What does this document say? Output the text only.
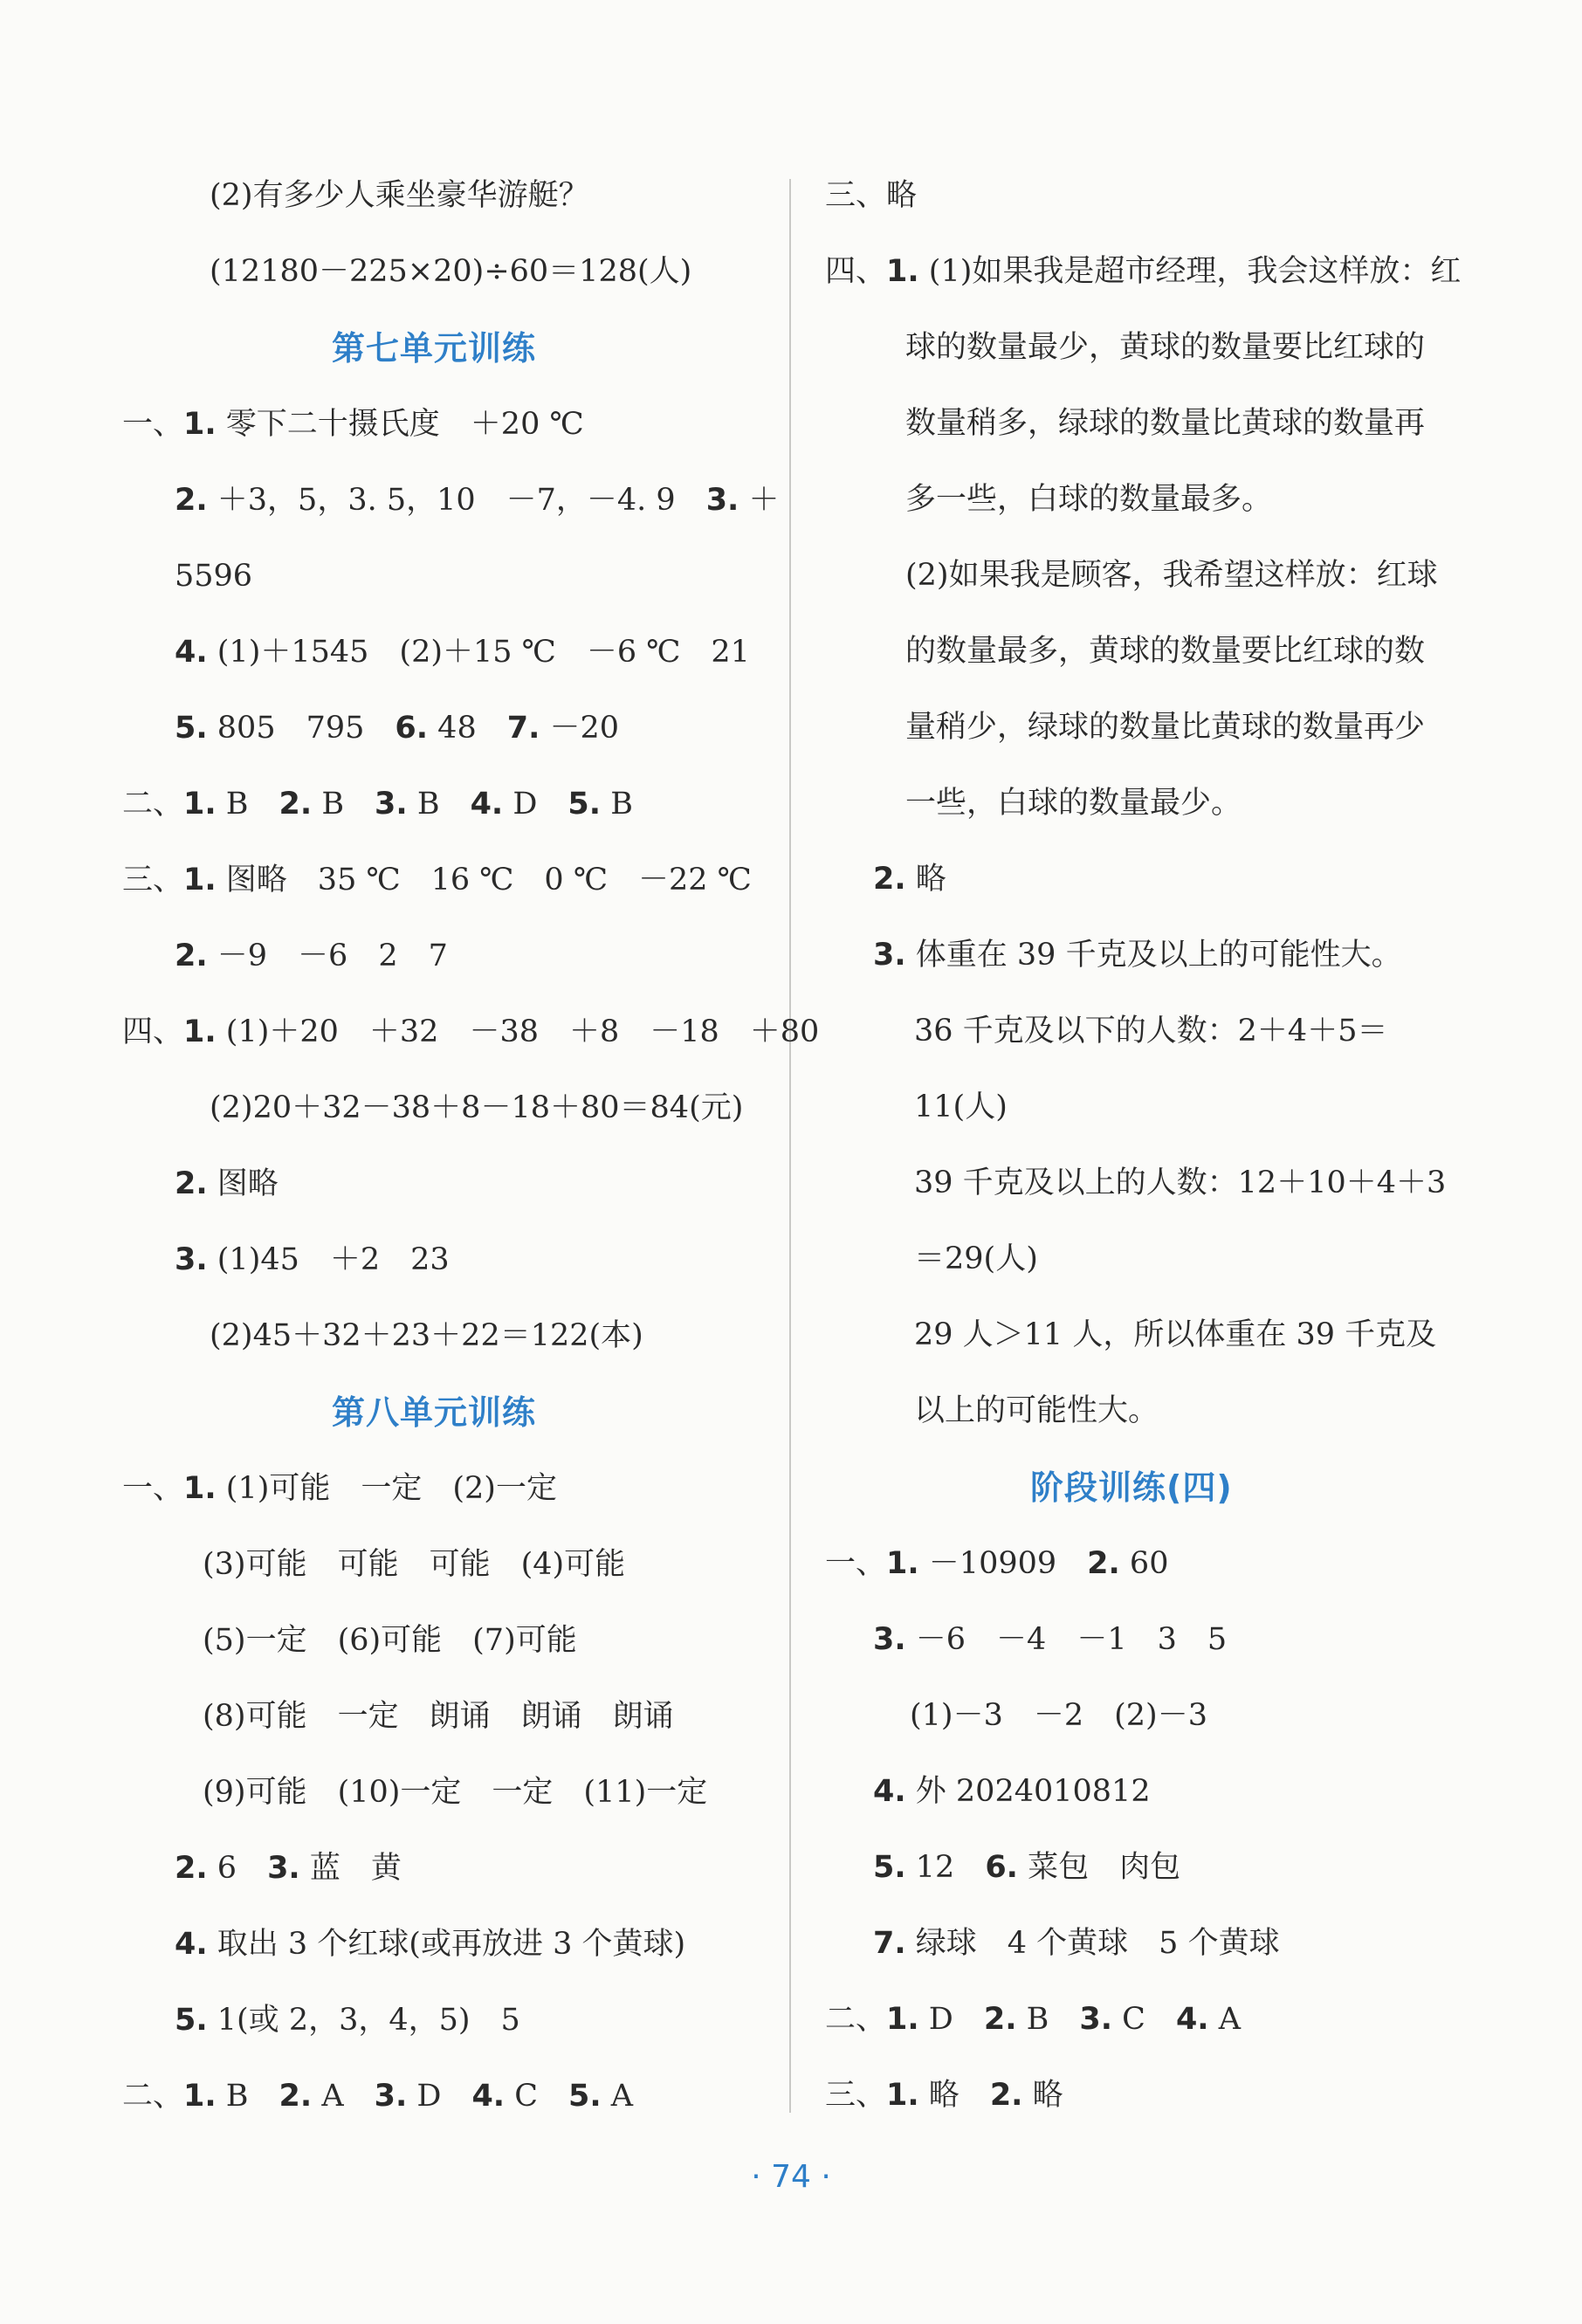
(2)有多少人乘坐豪华游艇？
(12180－225×20)÷60＝128(人)
第七单元训练
一、1. 零下二十摄氏度　＋20 ℃
2. ＋3，5，3. 5，10　－7，－4. 9　3. ＋
5596
4. (1)＋1545　(2)＋15 ℃　－6 ℃　21
5. 805　795　6. 48　7. －20
二、1. B　2. B　3. B　4. D　5. B
三、1. 图略　35 ℃　16 ℃　0 ℃　－22 ℃
2. －9　－6　2　7
四、1. (1)＋20　＋32　－38　＋8　－18　＋80
(2)20＋32－38＋8－18＋80＝84(元)
2. 图略
3. (1)45　＋2　23
(2)45＋32＋23＋22＝122(本)
第八单元训练
一、1. (1)可能　一定　(2)一定
(3)可能　可能　可能　(4)可能
(5)一定　(6)可能　(7)可能
(8)可能　一定　朗诵　朗诵　朗诵
(9)可能　(10)一定　一定　(11)一定
2. 6　3. 蓝　黄
4. 取出 3 个红球(或再放进 3 个黄球)
5. 1(或 2，3，4，5)　5
二、1. B　2. A　3. D　4. C　5. A
三、略
四、1. (1)如果我是超市经理，我会这样放：红
球的数量最少，黄球的数量要比红球的
数量稍多，绿球的数量比黄球的数量再
多一些，白球的数量最多。
(2)如果我是顾客，我希望这样放：红球
的数量最多，黄球的数量要比红球的数
量稍少，绿球的数量比黄球的数量再少
一些，白球的数量最少。
2. 略
3. 体重在 39 千克及以上的可能性大。
36 千克及以下的人数：2＋4＋5＝
11(人)
39 千克及以上的人数：12＋10＋4＋3
＝29(人)
29 人＞11 人，所以体重在 39 千克及
以上的可能性大。
阶段训练(四)
一、1. －10909　2. 60
3. －6　－4　－1　3　5
(1)－3　－2　(2)－3
4. 外 2024010812
5. 12　6. 菜包　肉包
7. 绿球　4 个黄球　5 个黄球
二、1. D　2. B　3. C　4. A
三、1. 略　2. 略
· 74 ·
